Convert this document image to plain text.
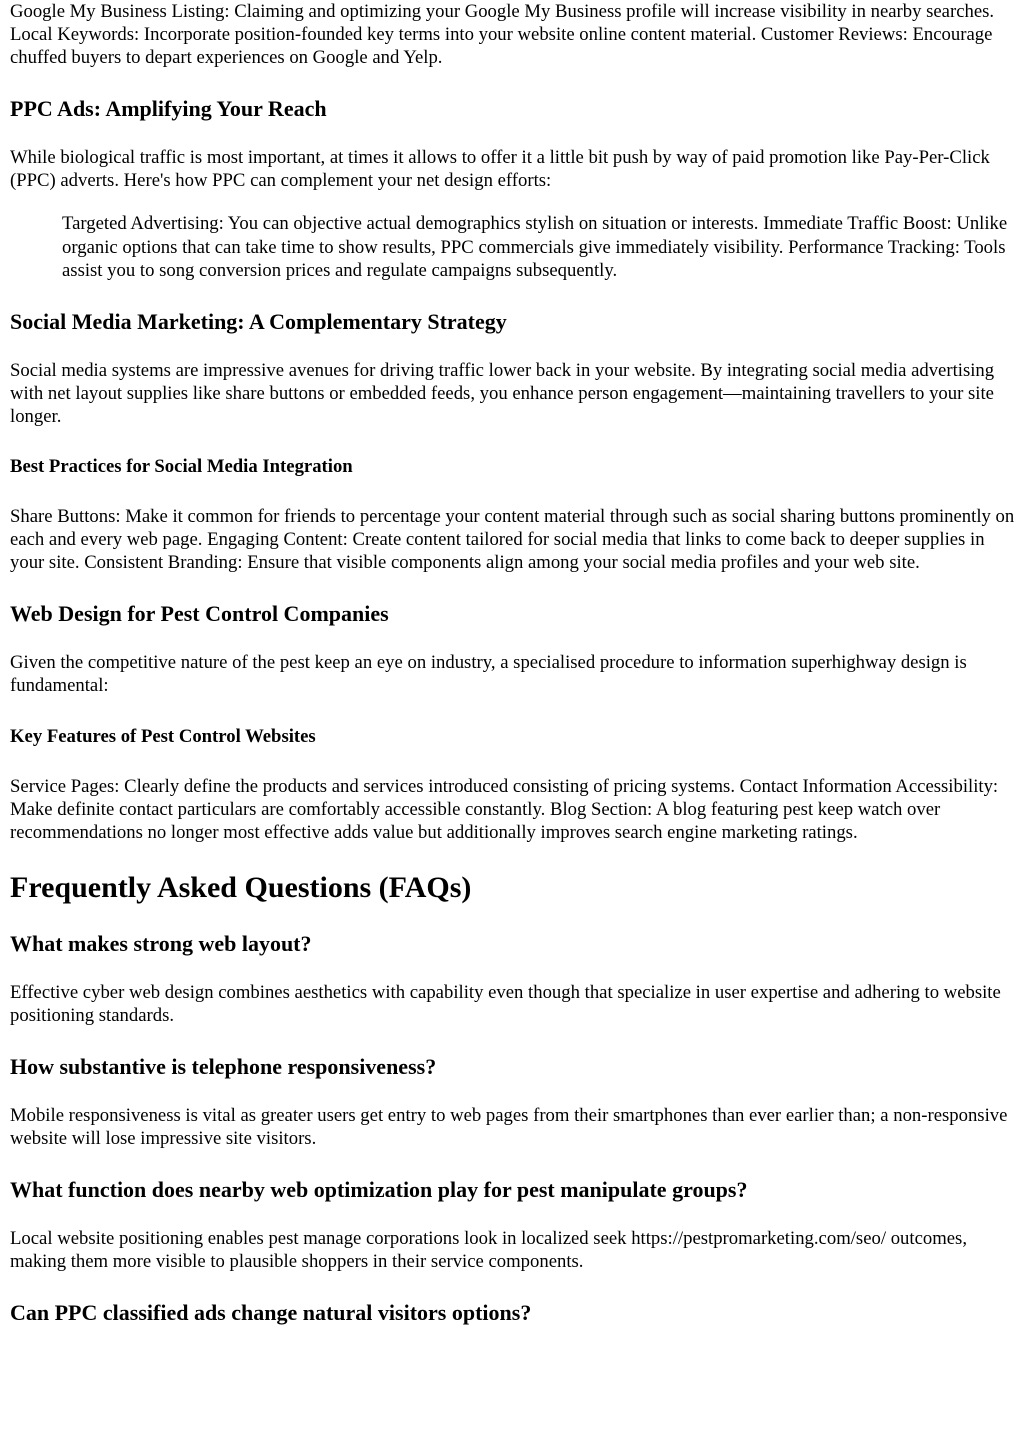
Google My Business Listing: Claiming and optimizing your Google My Business profile will increase visibility in nearby searches. Local Keywords: Incorporate position-founded key terms into your website online content material. Customer Reviews: Encourage chuffed buyers to depart experiences on Google and Yelp.

PPC Ads: Amplifying Your Reach

While biological traffic is most important, at times it allows to offer it a little bit push by way of paid promotion like Pay-Per-Click (PPC) adverts. Here's how PPC can complement your net design efforts:

Targeted Advertising: You can objective actual demographics stylish on situation or interests. Immediate Traffic Boost: Unlike organic options that can take time to show results, PPC commercials give immediately visibility. Performance Tracking: Tools assist you to song conversion prices and regulate campaigns subsequently.
Social Media Marketing: A Complementary Strategy

Social media systems are impressive avenues for driving traffic lower back in your website. By integrating social media advertising with net layout supplies like share buttons or embedded feeds, you enhance person engagement—maintaining travellers to your site longer.

Best Practices for Social Media Integration

Share Buttons: Make it common for friends to percentage your content material through such as social sharing buttons prominently on each and every web page. Engaging Content: Create content tailored for social media that links to come back to deeper supplies in your site. Consistent Branding: Ensure that visible components align among your social media profiles and your web site.

Web Design for Pest Control Companies

Given the competitive nature of the pest keep an eye on industry, a specialised procedure to information superhighway design is fundamental:

Key Features of Pest Control Websites

Service Pages: Clearly define the products and services introduced consisting of pricing systems. Contact Information Accessibility: Make definite contact particulars are comfortably accessible constantly. Blog Section: A blog featuring pest keep watch over recommendations no longer most effective adds value but additionally improves search engine marketing ratings.

Frequently Asked Questions (FAQs)
What makes strong web layout?

Effective cyber web design combines aesthetics with capability even though that specialize in user expertise and adhering to website positioning standards.

How substantive is telephone responsiveness?

Mobile responsiveness is vital as greater users get entry to web pages from their smartphones than ever earlier than; a non-responsive website will lose impressive site visitors.

What function does nearby web optimization play for pest manipulate groups?

Local website positioning enables pest manage corporations look in localized seek https://pestpromarketing.com/seo/ outcomes, making them more visible to plausible shoppers in their service components.

Can PPC classified ads change natural visitors options?
